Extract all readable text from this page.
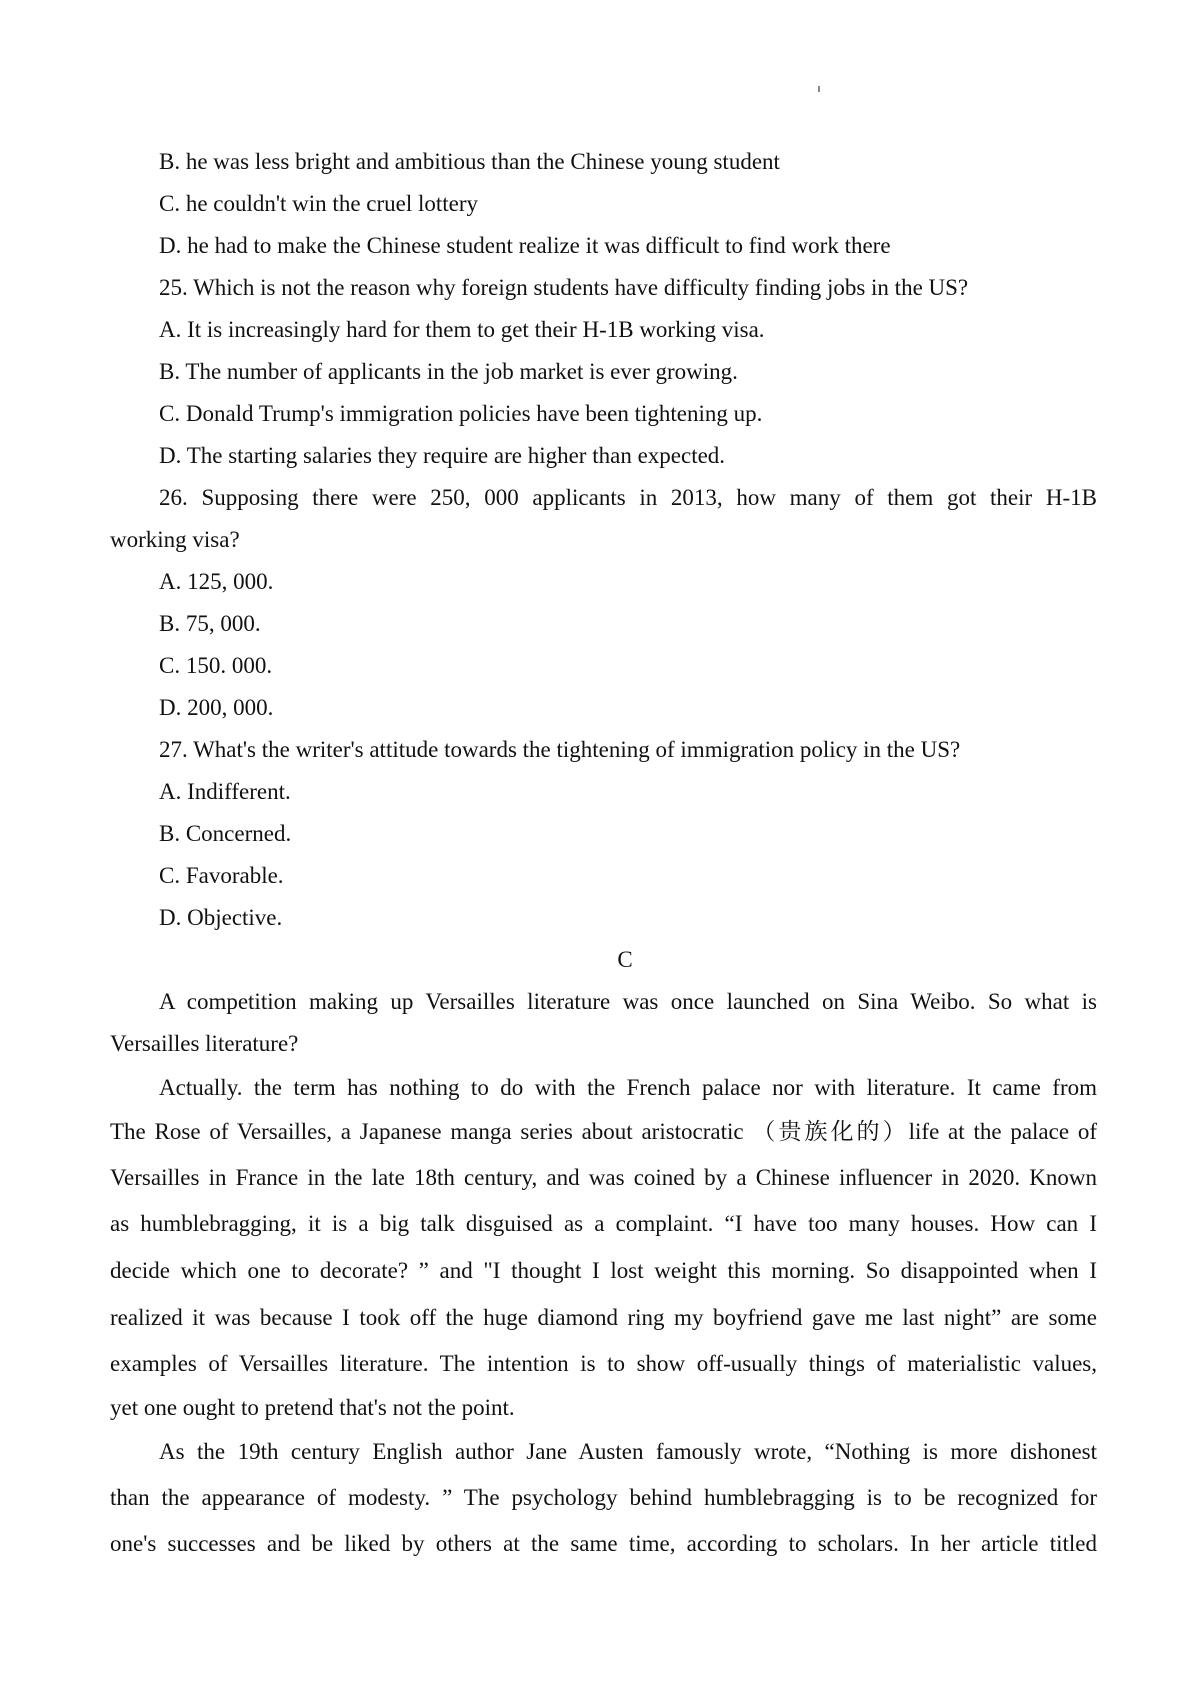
B. he was less bright and ambitious than the Chinese young student
C. he couldn't win the cruel lottery
D. he had to make the Chinese student realize it was difficult to find work there
25. Which is not the reason why foreign students have difficulty finding jobs in the US?
A. It is increasingly hard for them to get their H-1B working visa.
B. The number of applicants in the job market is ever growing.
C. Donald Trump's immigration policies have been tightening up.
D. The starting salaries they require are higher than expected.
26. Supposing there were 250, 000 applicants in 2013, how many of them got their H-1B
working visa?
A. 125, 000.
B. 75, 000.
C. 150. 000.
D. 200, 000.
27. What's the writer's attitude towards the tightening of immigration policy in the US?
A. Indifferent.
B. Concerned.
C. Favorable.
D. Objective.
C
A competition making up Versailles literature was once launched on Sina Weibo. So what is
Versailles literature?
Actually. the term has nothing to do with the French palace nor with literature. It came from
The Rose of Versailles, a Japanese manga series about aristocratic （贵族化的）life at the palace of
Versailles in France in the late 18th century, and was coined by a Chinese influencer in 2020. Known
as humblebragging, it is a big talk disguised as a complaint. “I have too many houses. How can I
decide which one to decorate? ” and "I thought I lost weight this morning. So disappointed when I
realized it was because I took off the huge diamond ring my boyfriend gave me last night” are some
examples of Versailles literature. The intention is to show off-usually things of materialistic values,
yet one ought to pretend that's not the point.
As the 19th century English author Jane Austen famously wrote, “Nothing is more dishonest
than the appearance of modesty. ” The psychology behind humblebragging is to be recognized for
one's successes and be liked by others at the same time, according to scholars. In her article titled
